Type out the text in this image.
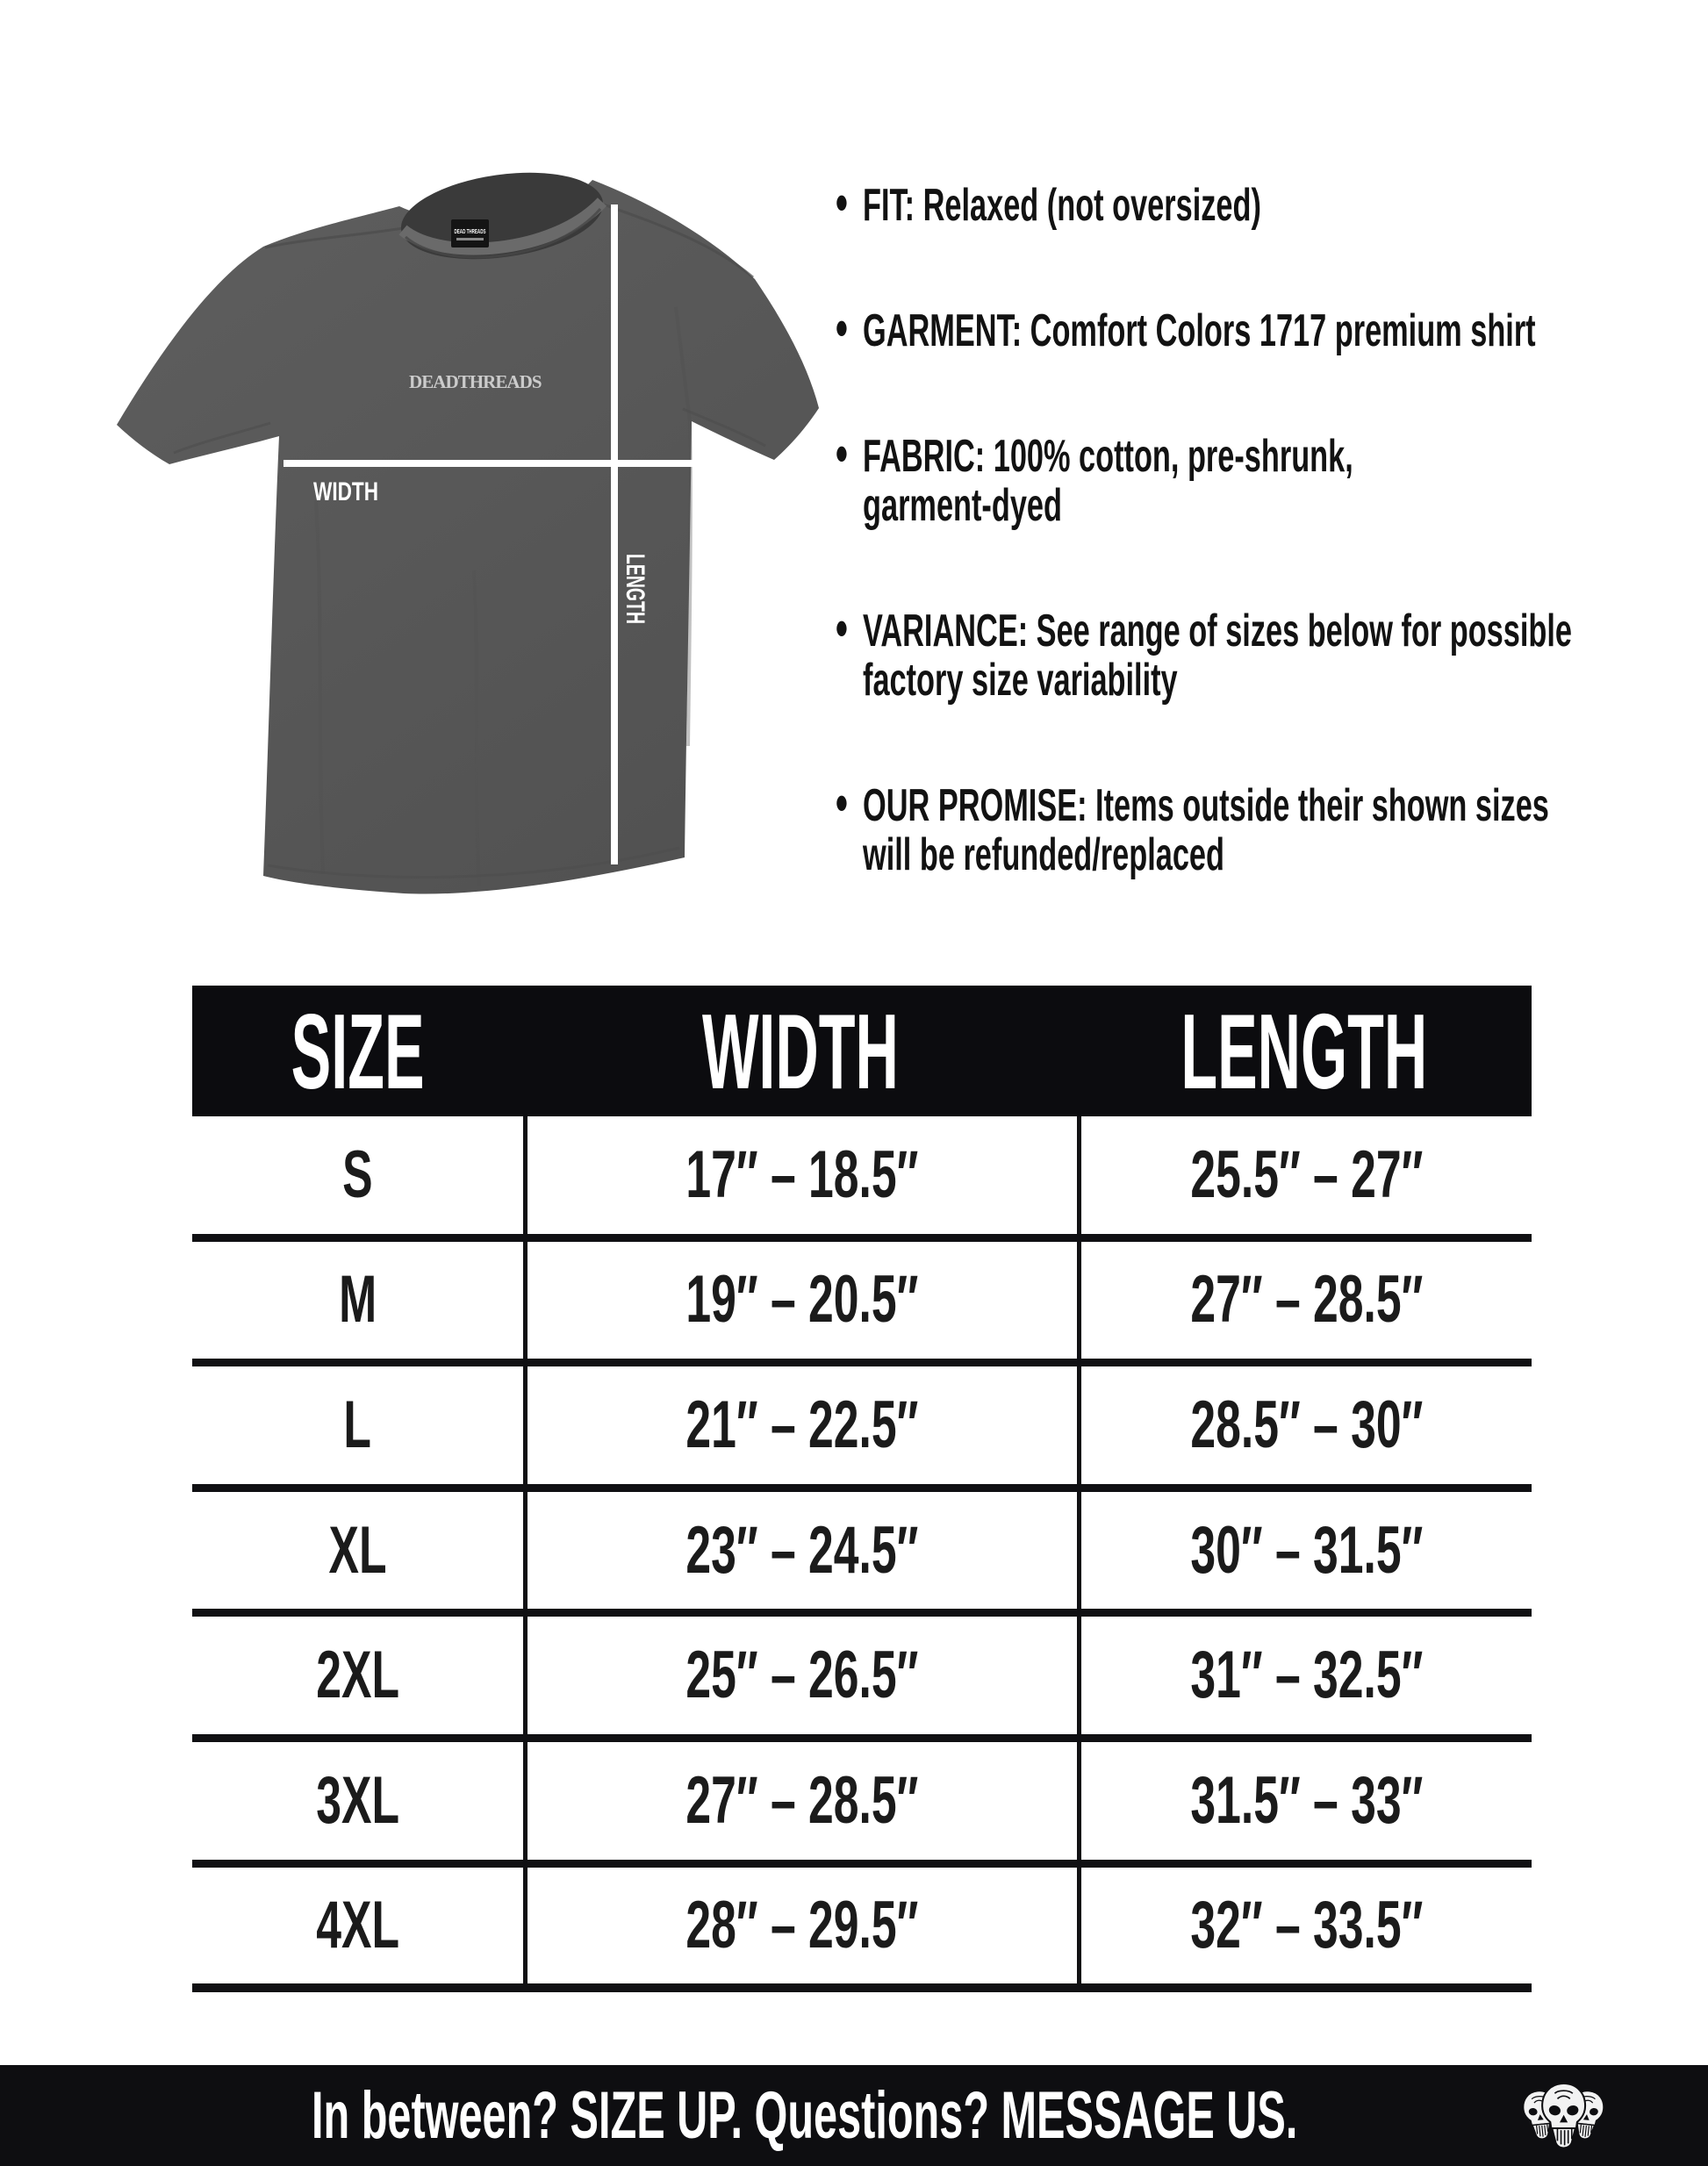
DEAD THREADS
DEADTHREADS
WIDTH
LENGTH
• FIT: Relaxed (not oversized)
• GARMENT: Comfort Colors 1717 premium shirt
• FABRIC: 100% cotton, pre-shrunk,
garment-dyed
• VARIANCE: See range of sizes below for possible
factory size variability
• OUR PROMISE: Items outside their shown sizes
will be refunded/replaced
SIZE	WIDTH	LENGTH
S	17″ – 18.5″	25.5″ – 27″
M	19″ – 20.5″	27″ – 28.5″
L	21″ – 22.5″	28.5″ – 30″
XL	23″ – 24.5″	30″ – 31.5″
2XL	25″ – 26.5″	31″ – 32.5″
3XL	27″ – 28.5″	31.5″ – 33″
4XL	28″ – 29.5″	32″ – 33.5″
In between? SIZE UP. Questions? MESSAGE US.
